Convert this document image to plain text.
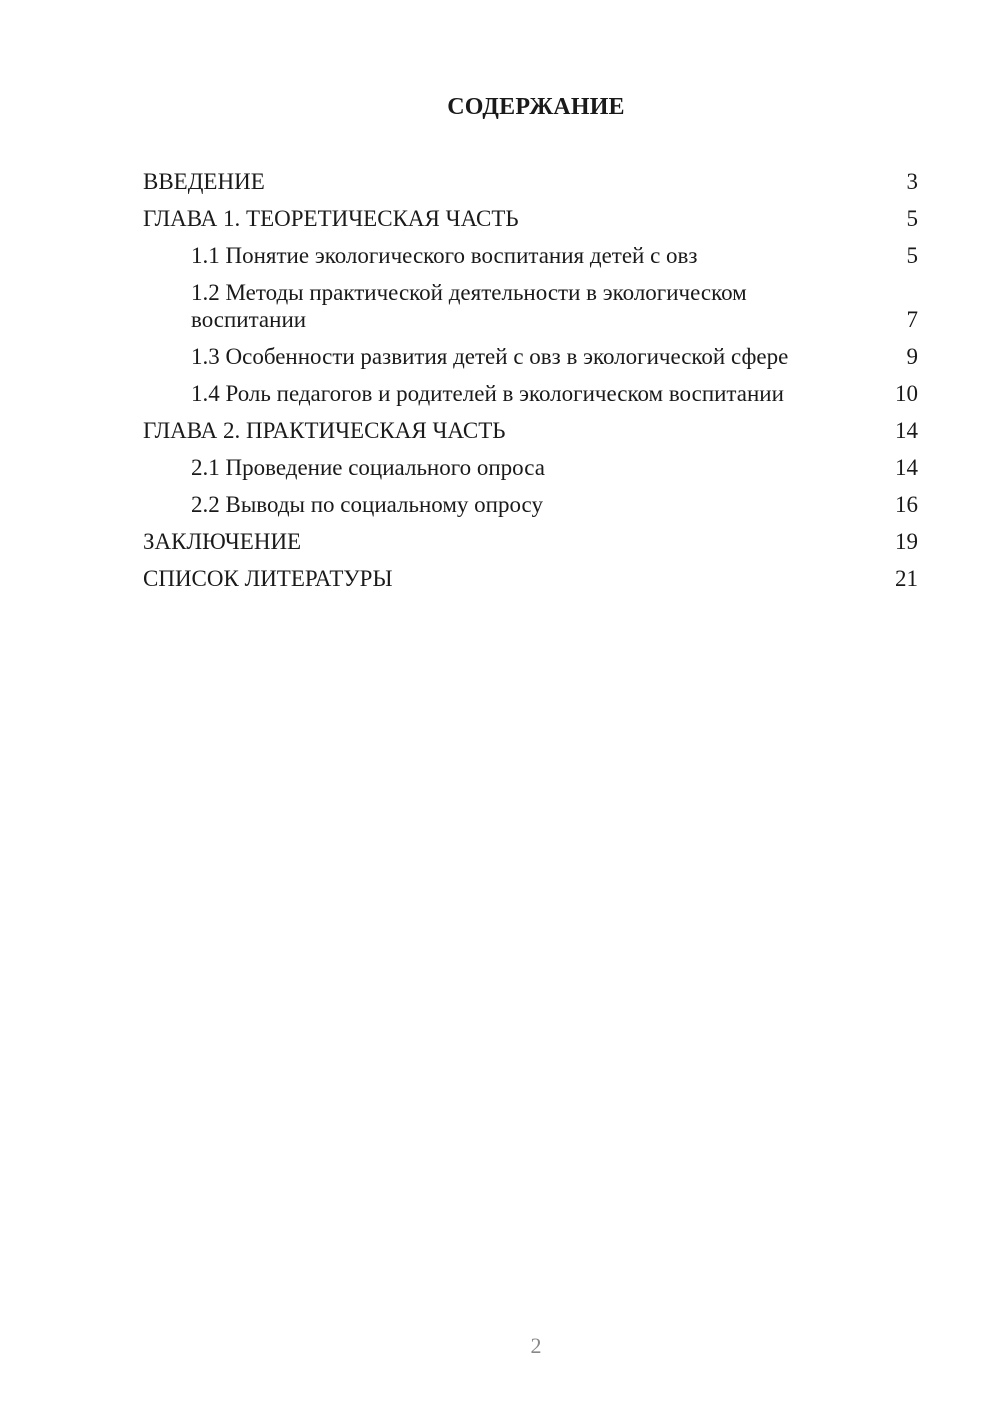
СОДЕРЖАНИЕ
ВВЕДЕНИЕ	3
ГЛАВА 1. ТЕОРЕТИЧЕСКАЯ ЧАСТЬ	5
1.1 Понятие экологического воспитания детей с овз	5
1.2 Методы практической деятельности в экологическом воспитании	7
1.3 Особенности развития детей с овз в экологической сфере	9
1.4 Роль педагогов и родителей в экологическом воспитании	10
ГЛАВА 2. ПРАКТИЧЕСКАЯ ЧАСТЬ	14
2.1 Проведение социального опроса	14
2.2 Выводы по социальному опросу	16
ЗАКЛЮЧЕНИЕ	19
СПИСОК ЛИТЕРАТУРЫ	21

2
